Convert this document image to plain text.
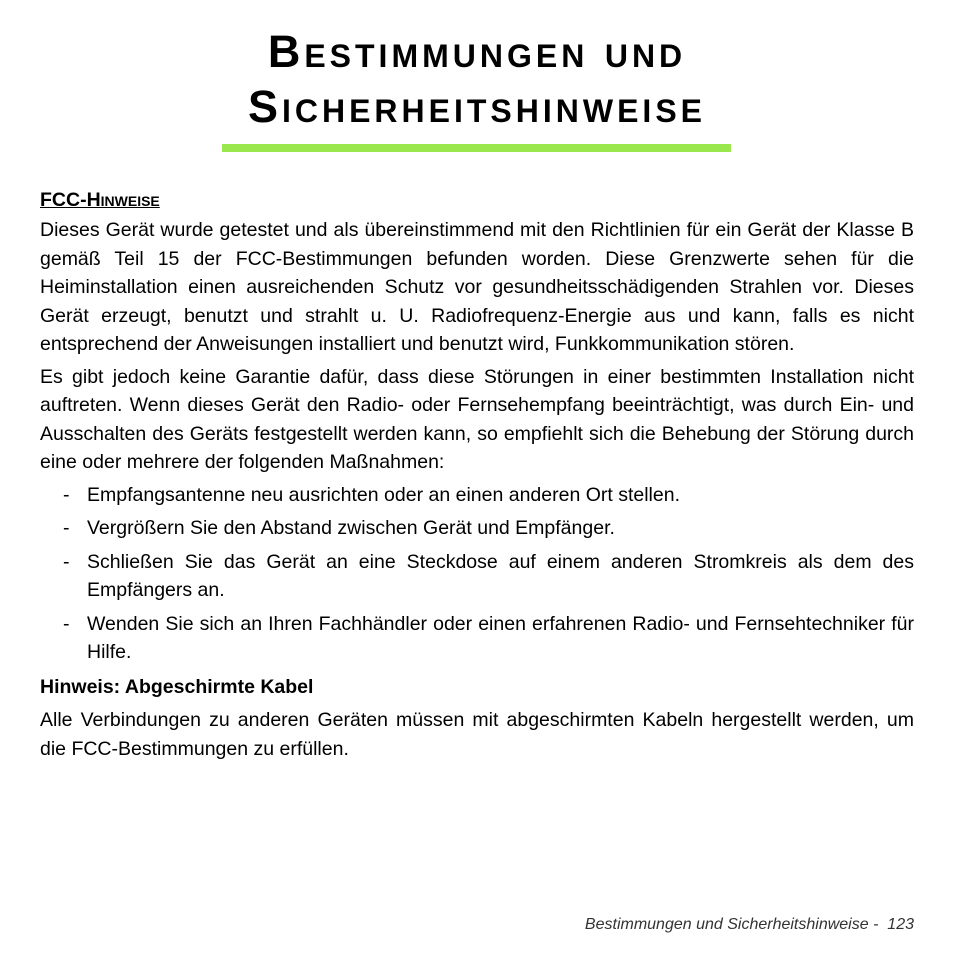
Bestimmungen und
Sicherheitshinweise
FCC-Hinweise

Dieses Gerät wurde getestet und als übereinstimmend mit den Richtlinien für ein Gerät der Klasse B gemäß Teil 15 der FCC-Bestimmungen befunden worden. Diese Grenzwerte sehen für die Heiminstallation einen ausreichenden Schutz vor gesundheitsschädigenden Strahlen vor. Dieses Gerät erzeugt, benutzt und strahlt u. U. Radiofrequenz-Energie aus und kann, falls es nicht entsprechend der Anweisungen installiert und benutzt wird, Funkkommunikation stören.

Es gibt jedoch keine Garantie dafür, dass diese Störungen in einer bestimmten Installation nicht auftreten. Wenn dieses Gerät den Radio- oder Fernsehempfang beeinträchtigt, was durch Ein- und Ausschalten des Geräts festgestellt werden kann, so empfiehlt sich die Behebung der Störung durch eine oder mehrere der folgenden Maßnahmen:

- Empfangsantenne neu ausrichten oder an einen anderen Ort stellen.
- Vergrößern Sie den Abstand zwischen Gerät und Empfänger.
- Schließen Sie das Gerät an eine Steckdose auf einem anderen Stromkreis als dem des Empfängers an.
- Wenden Sie sich an Ihren Fachhändler oder einen erfahrenen Radio- und Fernsehtechniker für Hilfe.
Hinweis: Abgeschirmte Kabel

Alle Verbindungen zu anderen Geräten müssen mit abgeschirmten Kabeln hergestellt werden, um die FCC-Bestimmungen zu erfüllen.

Bestimmungen und Sicherheitshinweise - 123
